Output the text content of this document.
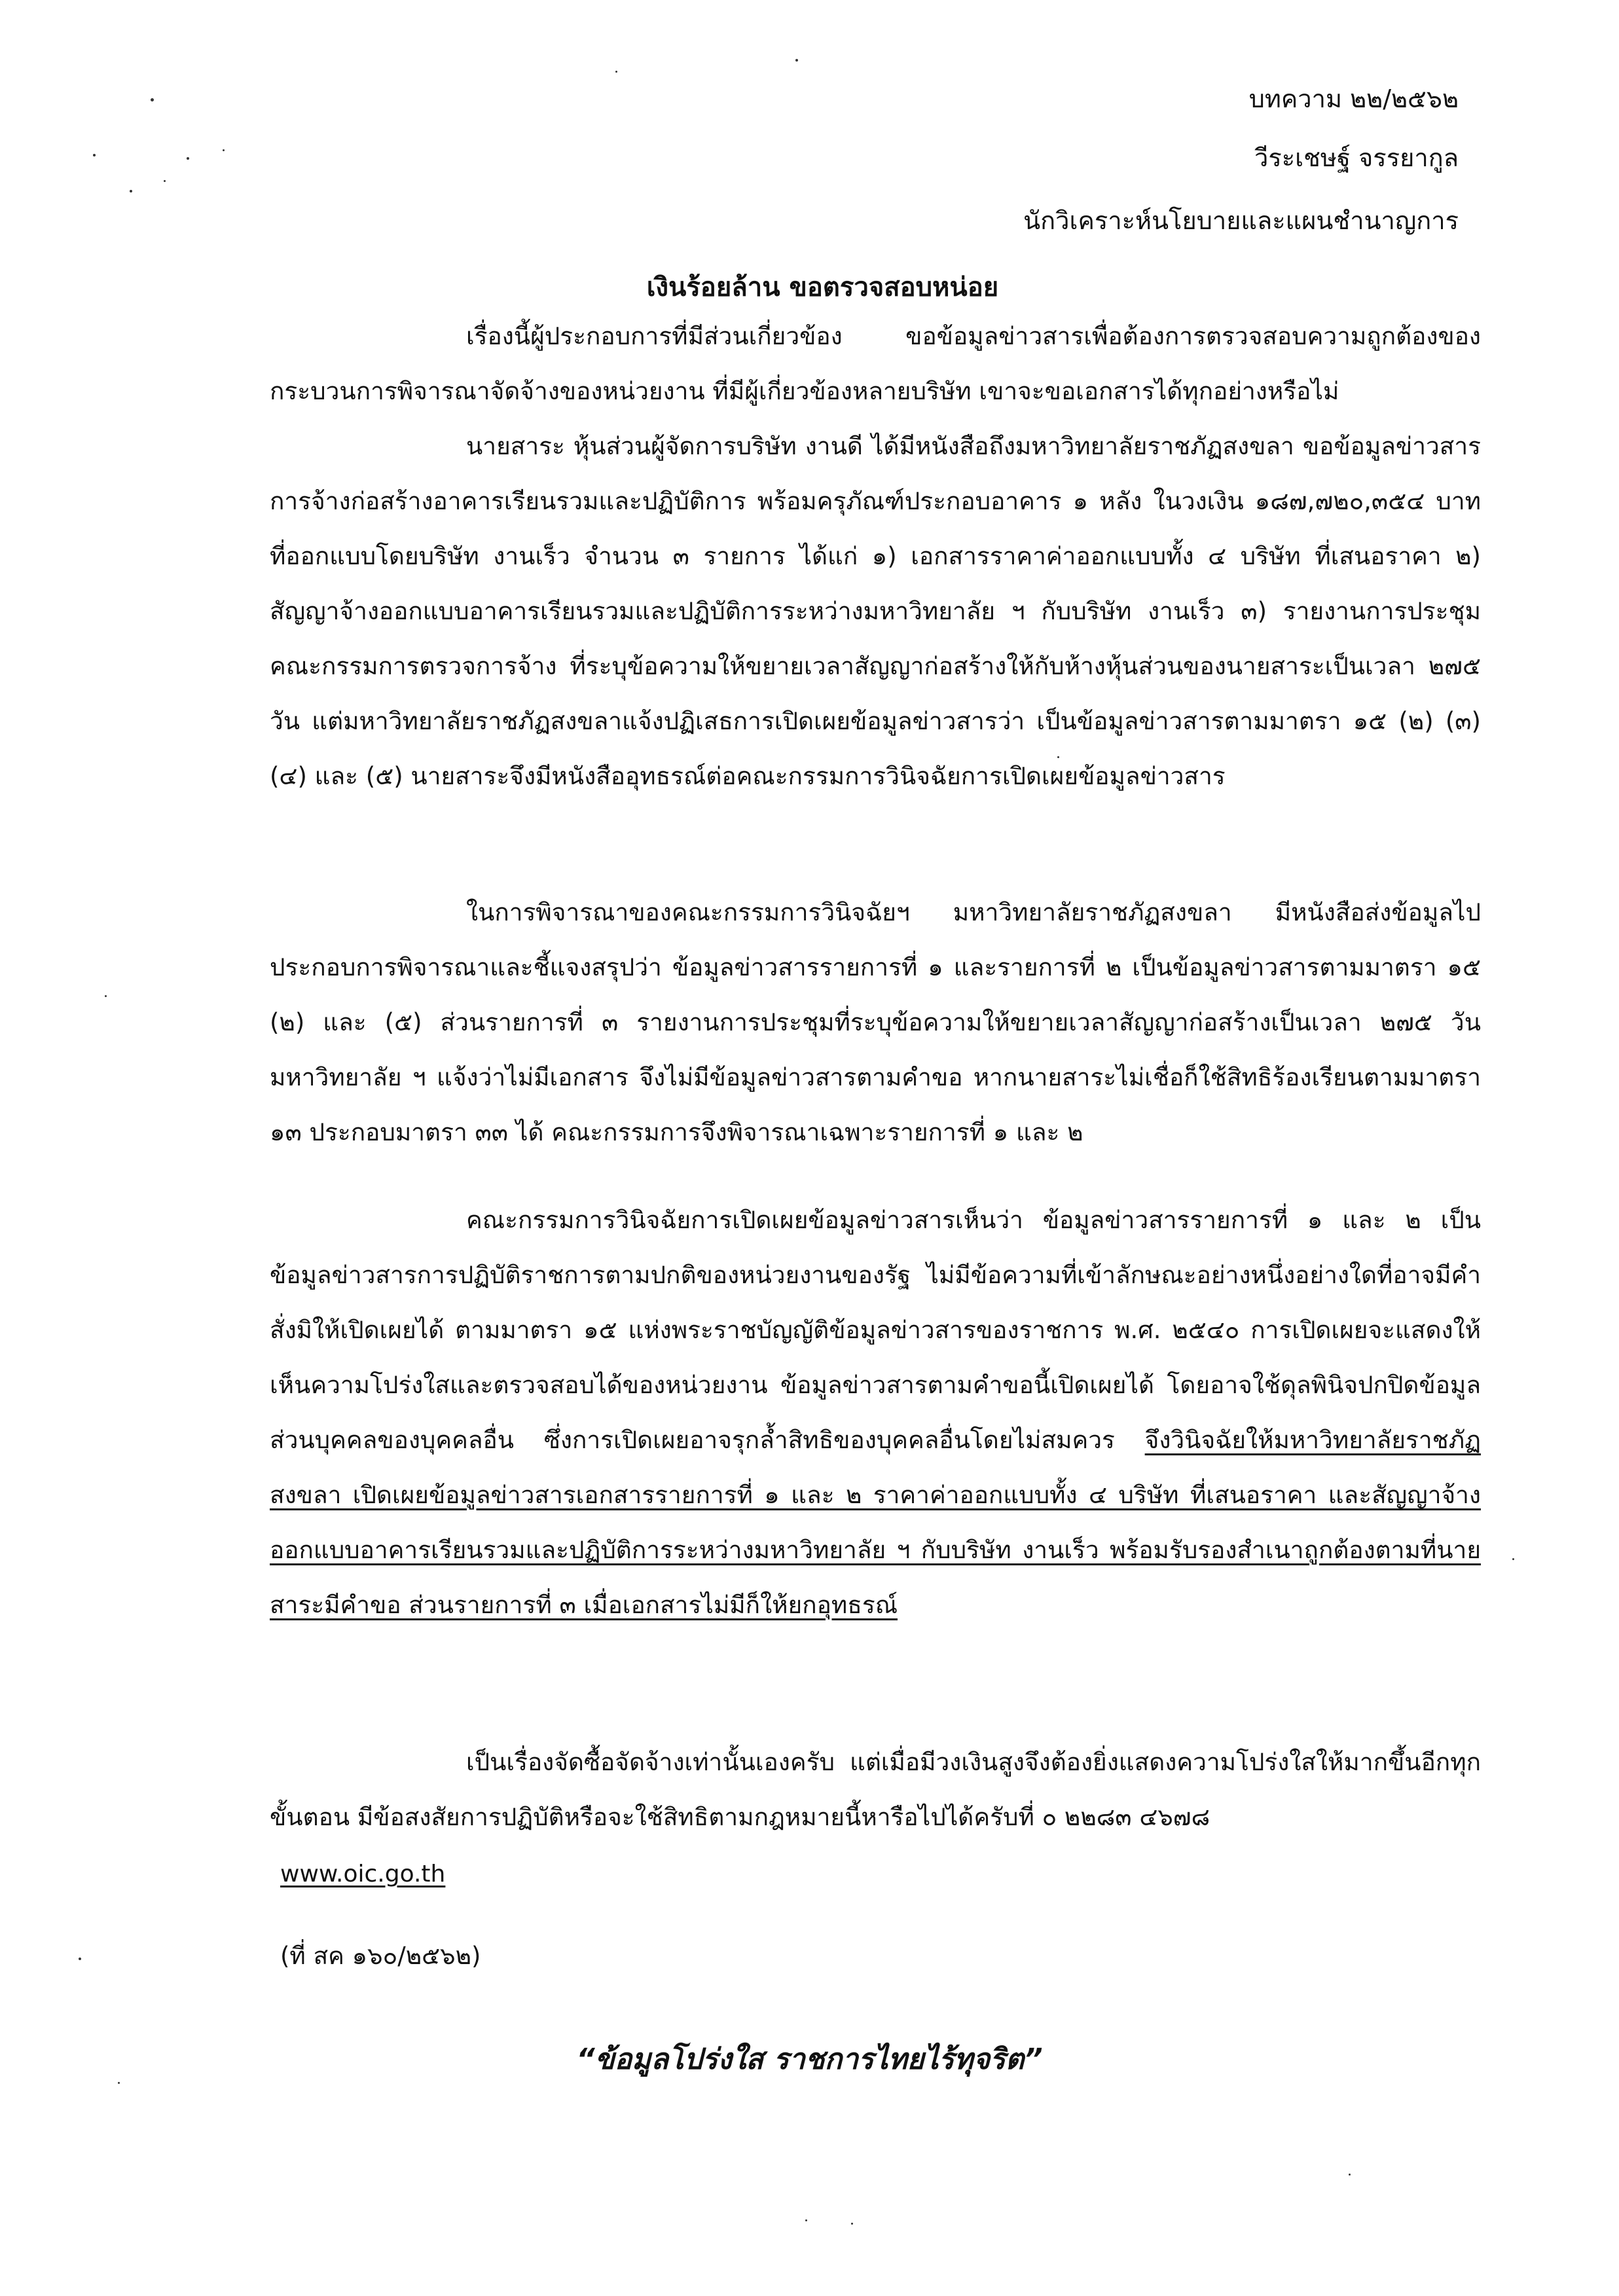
บทความ ๒๒/๒๕๖๒
วีระเชษฐ์ จรรยากูล
นักวิเคราะห์นโยบายและแผนชำนาญการ
เงินร้อยล้าน ขอตรวจสอบหน่อย

เรื่องนี้ผู้ประกอบการที่มีส่วนเกี่ยวข้อง ขอข้อมูลข่าวสารเพื่อต้องการตรวจสอบความถูกต้องของกระบวนการพิจารณาจัดจ้างของหน่วยงาน ที่มีผู้เกี่ยวข้องหลายบริษัท เขาจะขอเอกสารได้ทุกอย่างหรือไม่

นายสาระ หุ้นส่วนผู้จัดการบริษัท งานดี ได้มีหนังสือถึงมหาวิทยาลัยราชภัฏสงขลา ขอข้อมูลข่าวสารการจ้างก่อสร้างอาคารเรียนรวมและปฏิบัติการ พร้อมครุภัณฑ์ประกอบอาคาร ๑ หลัง ในวงเงิน ๑๘๗,๗๒๐,๓๕๔ บาท ที่ออกแบบโดยบริษัท งานเร็ว จำนวน ๓ รายการ ได้แก่ ๑) เอกสารราคาค่าออกแบบทั้ง ๔ บริษัท ที่เสนอราคา ๒) สัญญาจ้างออกแบบอาคารเรียนรวมและปฏิบัติการระหว่างมหาวิทยาลัย ฯ กับบริษัท งานเร็ว ๓) รายงานการประชุมคณะกรรมการตรวจการจ้าง ที่ระบุข้อความให้ขยายเวลาสัญญาก่อสร้างให้กับห้างหุ้นส่วนของนายสาระเป็นเวลา ๒๗๕ วัน แต่มหาวิทยาลัยราชภัฏสงขลาแจ้งปฏิเสธการเปิดเผยข้อมูลข่าวสารว่า เป็นข้อมูลข่าวสารตามมาตรา ๑๕ (๒) (๓) (๔) และ (๕) นายสาระจึงมีหนังสืออุทธรณ์ต่อคณะกรรมการวินิจฉัยการเปิดเผยข้อมูลข่าวสาร

ในการพิจารณาของคณะกรรมการวินิจฉัยฯ มหาวิทยาลัยราชภัฏสงขลา มีหนังสือส่งข้อมูลไปประกอบการพิจารณาและชี้แจงสรุปว่า ข้อมูลข่าวสารรายการที่ ๑ และรายการที่ ๒ เป็นข้อมูลข่าวสารตามมาตรา ๑๕ (๒) และ (๕) ส่วนรายการที่ ๓ รายงานการประชุมที่ระบุข้อความให้ขยายเวลาสัญญาก่อสร้างเป็นเวลา ๒๗๕ วัน มหาวิทยาลัย ฯ แจ้งว่าไม่มีเอกสาร จึงไม่มีข้อมูลข่าวสารตามคำขอ หากนายสาระไม่เชื่อก็ใช้สิทธิร้องเรียนตามมาตรา ๑๓ ประกอบมาตรา ๓๓ ได้ คณะกรรมการจึงพิจารณาเฉพาะรายการที่ ๑ และ ๒

คณะกรรมการวินิจฉัยการเปิดเผยข้อมูลข่าวสารเห็นว่า ข้อมูลข่าวสารรายการที่ ๑ และ ๒ เป็นข้อมูลข่าวสารการปฏิบัติราชการตามปกติของหน่วยงานของรัฐ ไม่มีข้อความที่เข้าลักษณะอย่างหนึ่งอย่างใดที่อาจมีคำสั่งมิให้เปิดเผยได้ ตามมาตรา ๑๕ แห่งพระราชบัญญัติข้อมูลข่าวสารของราชการ พ.ศ. ๒๕๔๐ การเปิดเผยจะแสดงให้เห็นความโปร่งใสและตรวจสอบได้ของหน่วยงาน ข้อมูลข่าวสารตามคำขอนี้เปิดเผยได้ โดยอาจใช้ดุลพินิจปกปิดข้อมูลส่วนบุคคลของบุคคลอื่น ซึ่งการเปิดเผยอาจรุกล้ำสิทธิของบุคคลอื่นโดยไม่สมควร จึงวินิจฉัยให้มหาวิทยาลัยราชภัฏสงขลา เปิดเผยข้อมูลข่าวสารเอกสารรายการที่ ๑ และ ๒ ราคาค่าออกแบบทั้ง ๔ บริษัท ที่เสนอราคา และสัญญาจ้างออกแบบอาคารเรียนรวมและปฏิบัติการระหว่างมหาวิทยาลัย ฯ กับบริษัท งานเร็ว พร้อมรับรองสำเนาถูกต้องตามที่นายสาระมีคำขอ ส่วนรายการที่ ๓ เมื่อเอกสารไม่มีก็ให้ยกอุทธรณ์

เป็นเรื่องจัดซื้อจัดจ้างเท่านั้นเองครับ แต่เมื่อมีวงเงินสูงจึงต้องยิ่งแสดงความโปร่งใสให้มากขึ้นอีกทุกขั้นตอน มีข้อสงสัยการปฏิบัติหรือจะใช้สิทธิตามกฎหมายนี้หารือไปได้ครับที่ ๐ ๒๒๘๓ ๔๖๗๘

www.oic.go.th
(ที่ สค ๑๖๐/๒๕๖๒)
“ข้อมูลโปร่งใส ราชการไทยไร้ทุจริต”
